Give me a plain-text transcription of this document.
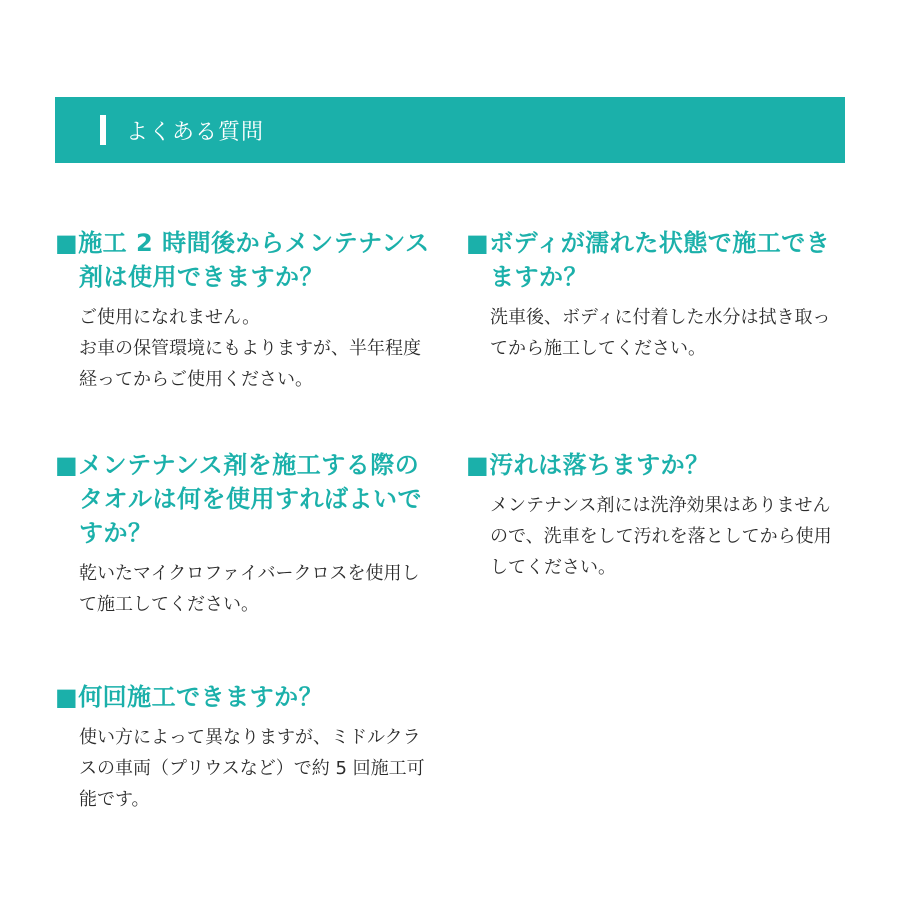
よくある質問

■施工 2 時間後からメンテナンス剤は使用できますか？

ご使用になれません。
お車の保管環境にもよりますが、半年程度経ってからご使用ください。

■ボディが濡れた状態で施工できますか？

洗車後、ボディに付着した水分は拭き取ってから施工してください。

■メンテナンス剤を施工する際のタオルは何を使用すればよいですか？

乾いたマイクロファイバークロスを使用して施工してください。

■汚れは落ちますか？

メンテナンス剤には洗浄効果はありませんので、洗車をして汚れを落としてから使用してください。

■何回施工できますか？

使い方によって異なりますが、ミドルクラスの車両（プリウスなど）で約 5 回施工可能です。
